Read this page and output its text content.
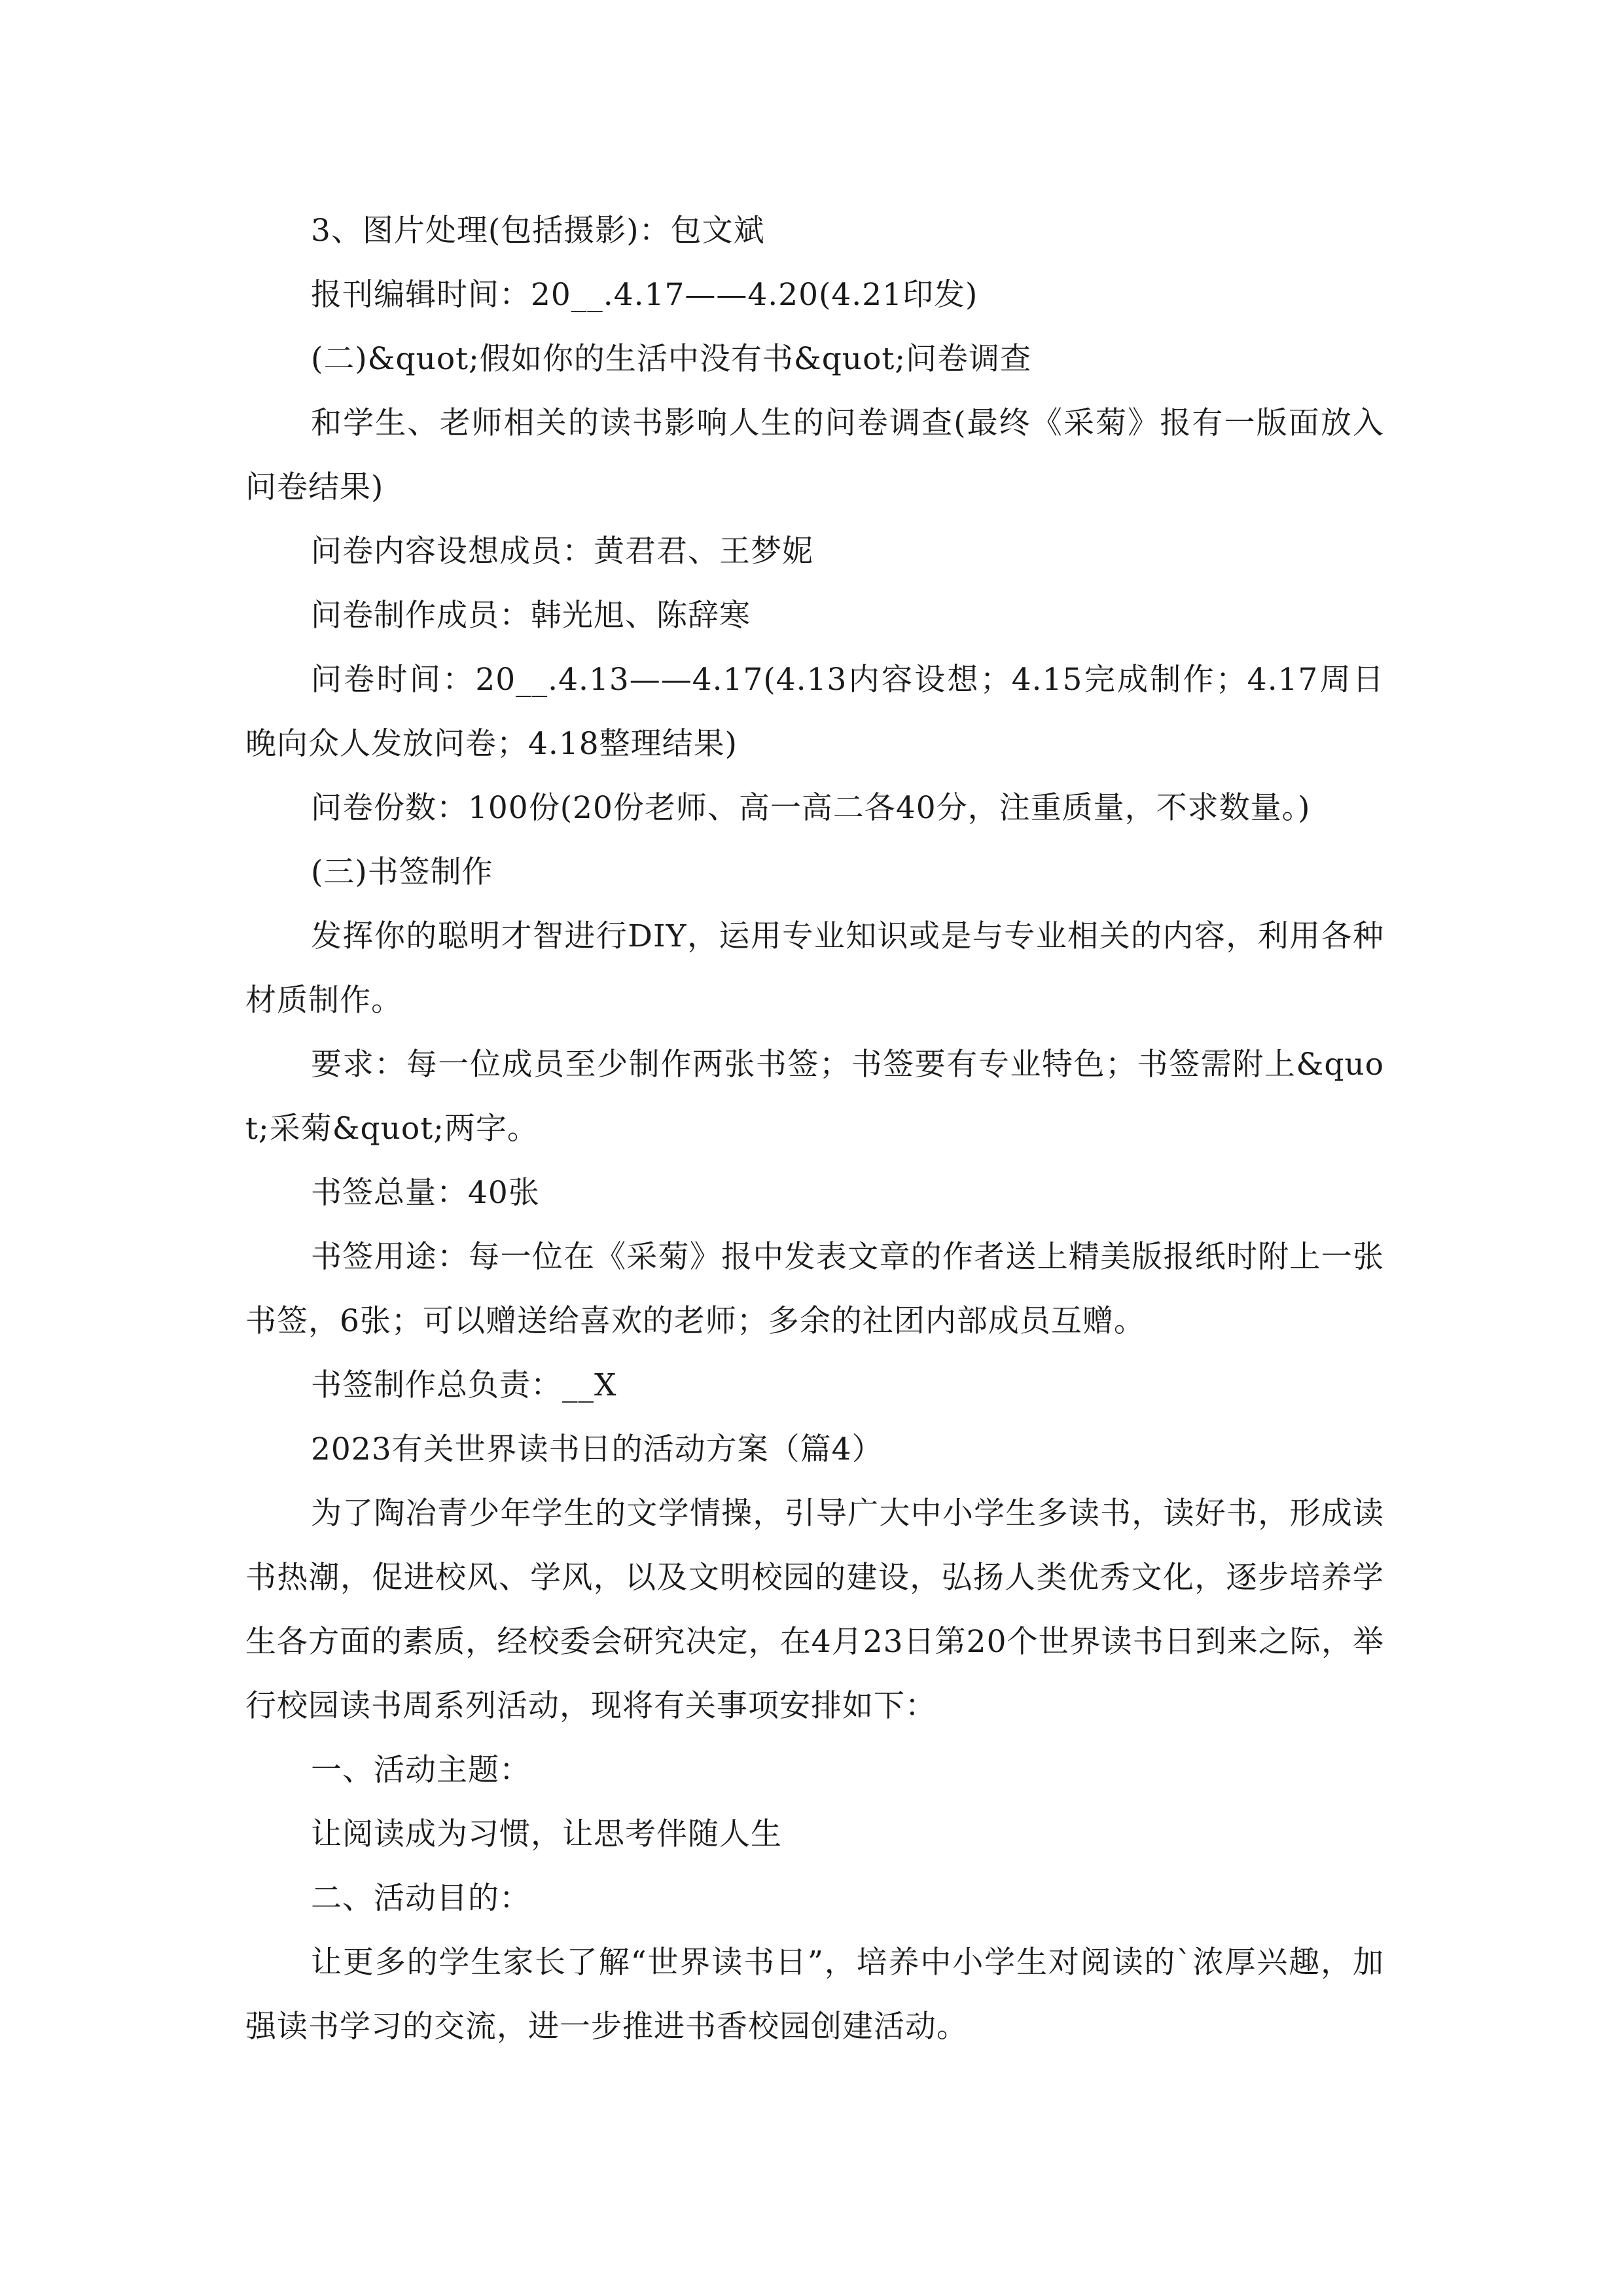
3、图片处理(包括摄影)：包文斌

报刊编辑时间：20__.4.17——4.20(4.21印发)

(二)&quot;假如你的生活中没有书&quot;问卷调查

和学生、老师相关的读书影响人生的问卷调查(最终《采菊》报有一版面放入问卷结果)

问卷内容设想成员：黄君君、王梦妮

问卷制作成员：韩光旭、陈辞寒

问卷时间：20__.4.13——4.17(4.13内容设想；4.15完成制作；4.17周日晚向众人发放问卷；4.18整理结果)

问卷份数：100份(20份老师、高一高二各40分，注重质量，不求数量。)

(三)书签制作

发挥你的聪明才智进行DIY，运用专业知识或是与专业相关的内容，利用各种材质制作。

要求：每一位成员至少制作两张书签；书签要有专业特色；书签需附上&quot;采菊&quot;两字。

书签总量：40张

书签用途：每一位在《采菊》报中发表文章的作者送上精美版报纸时附上一张书签，6张；可以赠送给喜欢的老师；多余的社团内部成员互赠。

书签制作总负责：__X

2023有关世界读书日的活动方案（篇4）

为了陶冶青少年学生的文学情操，引导广大中小学生多读书，读好书，形成读书热潮，促进校风、学风，以及文明校园的建设，弘扬人类优秀文化，逐步培养学生各方面的素质，经校委会研究决定，在4月23日第20个世界读书日到来之际，举行校园读书周系列活动，现将有关事项安排如下：

一、活动主题：

让阅读成为习惯，让思考伴随人生

二、活动目的：

让更多的学生家长了解“世界读书日”，培养中小学生对阅读的`浓厚兴趣，加强读书学习的交流，进一步推进书香校园创建活动。
